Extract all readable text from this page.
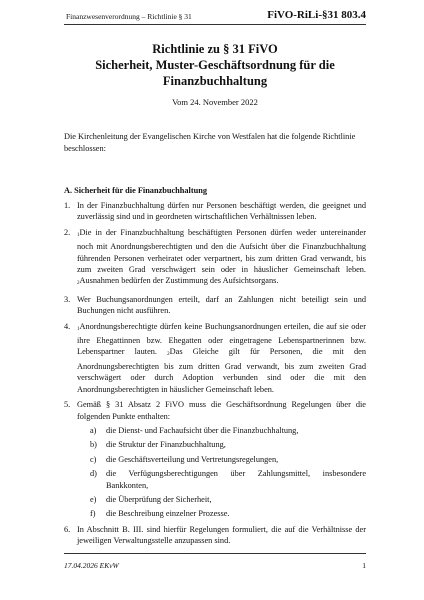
Finanzwesenverordnung – Richtlinie § 31	FiVO-RiLi-§31 803.4
Richtlinie zu § 31 FiVO
Sicherheit, Muster-Geschäftsordnung für die
Finanzbuchhaltung
Vom 24. November 2022
Die Kirchenleitung der Evangelischen Kirche von Westfalen hat die folgende Richtlinie beschlossen:
A. Sicherheit für die Finanzbuchhaltung
1. In der Finanzbuchhaltung dürfen nur Personen beschäftigt werden, die geeignet und zuverlässig sind und in geordneten wirtschaftlichen Verhältnissen leben.
2. $_1$Die in der Finanzbuchhaltung beschäftigten Personen dürfen weder untereinander noch mit Anordnungsberechtigten und den die Aufsicht über die Finanzbuchhaltung führenden Personen verheiratet oder verpartnert, bis zum dritten Grad verwandt, bis zum zweiten Grad verschwägert sein oder in häuslicher Gemeinschaft leben. $_2$Ausnahmen bedürfen der Zustimmung des Aufsichtsorgans.
3. Wer Buchungsanordnungen erteilt, darf an Zahlungen nicht beteiligt sein und Buchungen nicht ausführen.
4. $_1$Anordnungsberechtigte dürfen keine Buchungsanordnungen erteilen, die auf sie oder ihre Ehegattinnen bzw. Ehegatten oder eingetragene Lebenspartnerinnen bzw. Lebenspartner lauten. $_2$Das Gleiche gilt für Personen, die mit den Anordnungsberechtigten bis zum dritten Grad verwandt, bis zum zweiten Grad verschwägert oder durch Adoption verbunden sind oder die mit den Anordnungsberechtigten in häuslicher Gemeinschaft leben.
5. Gemäß § 31 Absatz 2 FiVO muss die Geschäftsordnung Regelungen über die folgenden Punkte enthalten:
a) die Dienst- und Fachaufsicht über die Finanzbuchhaltung,
b) die Struktur der Finanzbuchhaltung,
c) die Geschäftsverteilung und Vertretungsregelungen,
d) die Verfügungsberechtigungen über Zahlungsmittel, insbesondere Bankkonten,
e) die Überprüfung der Sicherheit,
f) die Beschreibung einzelner Prozesse.
6. In Abschnitt B. III. sind hierfür Regelungen formuliert, die auf die Verhältnisse der jeweiligen Verwaltungsstelle anzupassen sind.
17.04.2026 EKvW	1
